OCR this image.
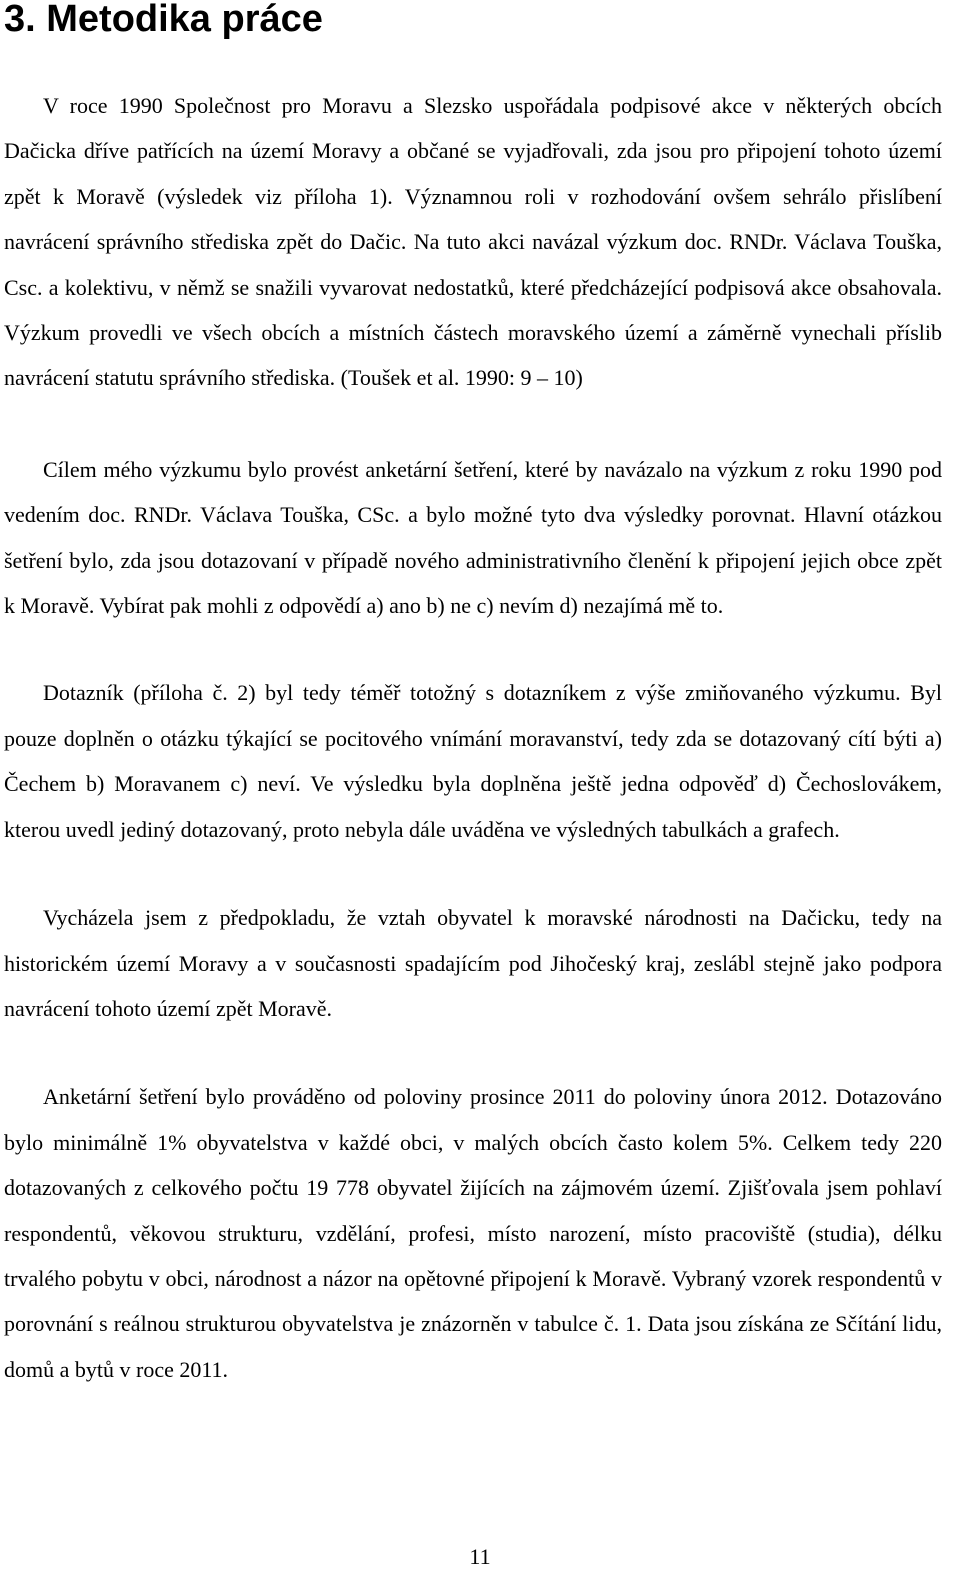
3. Metodika práce

V roce 1990 Společnost pro Moravu a Slezsko uspořádala podpisové akce v některých obcích Dačicka dříve patřících na území Moravy a občané se vyjadřovali, zda jsou pro připojení tohoto území zpět k Moravě (výsledek viz příloha 1). Významnou roli v rozhodování ovšem sehrálo přislíbení navrácení správního střediska zpět do Dačic. Na tuto akci navázal výzkum doc. RNDr. Václava Touška, Csc. a kolektivu, v němž se snažili vyvarovat nedostatků, které předcházející podpisová akce obsahovala. Výzkum provedli ve všech obcích a místních částech moravského území a záměrně vynechali příslib navrácení statutu správního střediska. (Toušek et al. 1990: 9 – 10)

Cílem mého výzkumu bylo provést anketární šetření, které by navázalo na výzkum z roku 1990 pod vedením doc. RNDr. Václava Touška, CSc. a bylo možné tyto dva výsledky porovnat. Hlavní otázkou šetření bylo, zda jsou dotazovaní v případě nového administrativního členění k připojení jejich obce zpět k Moravě. Vybírat pak mohli z odpovědí a) ano b) ne c) nevím d) nezajímá mě to.

Dotazník (příloha č. 2) byl tedy téměř totožný s dotazníkem z výše zmiňovaného výzkumu. Byl pouze doplněn o otázku týkající se pocitového vnímání moravanství, tedy zda se dotazovaný cítí býti a) Čechem b) Moravanem c) neví. Ve výsledku byla doplněna ještě jedna odpověď d) Čechoslovákem, kterou uvedl jediný dotazovaný, proto nebyla dále uváděna ve výsledných tabulkách a grafech.

Vycházela jsem z předpokladu, že vztah obyvatel k moravské národnosti na Dačicku, tedy na historickém území Moravy a v současnosti spadajícím pod Jihočeský kraj, zeslábl stejně jako podpora navrácení tohoto území zpět Moravě.

Anketární šetření bylo prováděno od poloviny prosince 2011 do poloviny února 2012. Dotazováno bylo minimálně 1% obyvatelstva v každé obci, v malých obcích často kolem 5%. Celkem tedy 220 dotazovaných z celkového počtu 19 778 obyvatel žijících na zájmovém území. Zjišťovala jsem pohlaví respondentů, věkovou strukturu, vzdělání, profesi, místo narození, místo pracoviště (studia), délku trvalého pobytu v obci, národnost a názor na opětovné připojení k Moravě. Vybraný vzorek respondentů v porovnání s reálnou strukturou obyvatelstva je znázorněn v tabulce č. 1. Data jsou získána ze Sčítání lidu, domů a bytů v roce 2011.

11
